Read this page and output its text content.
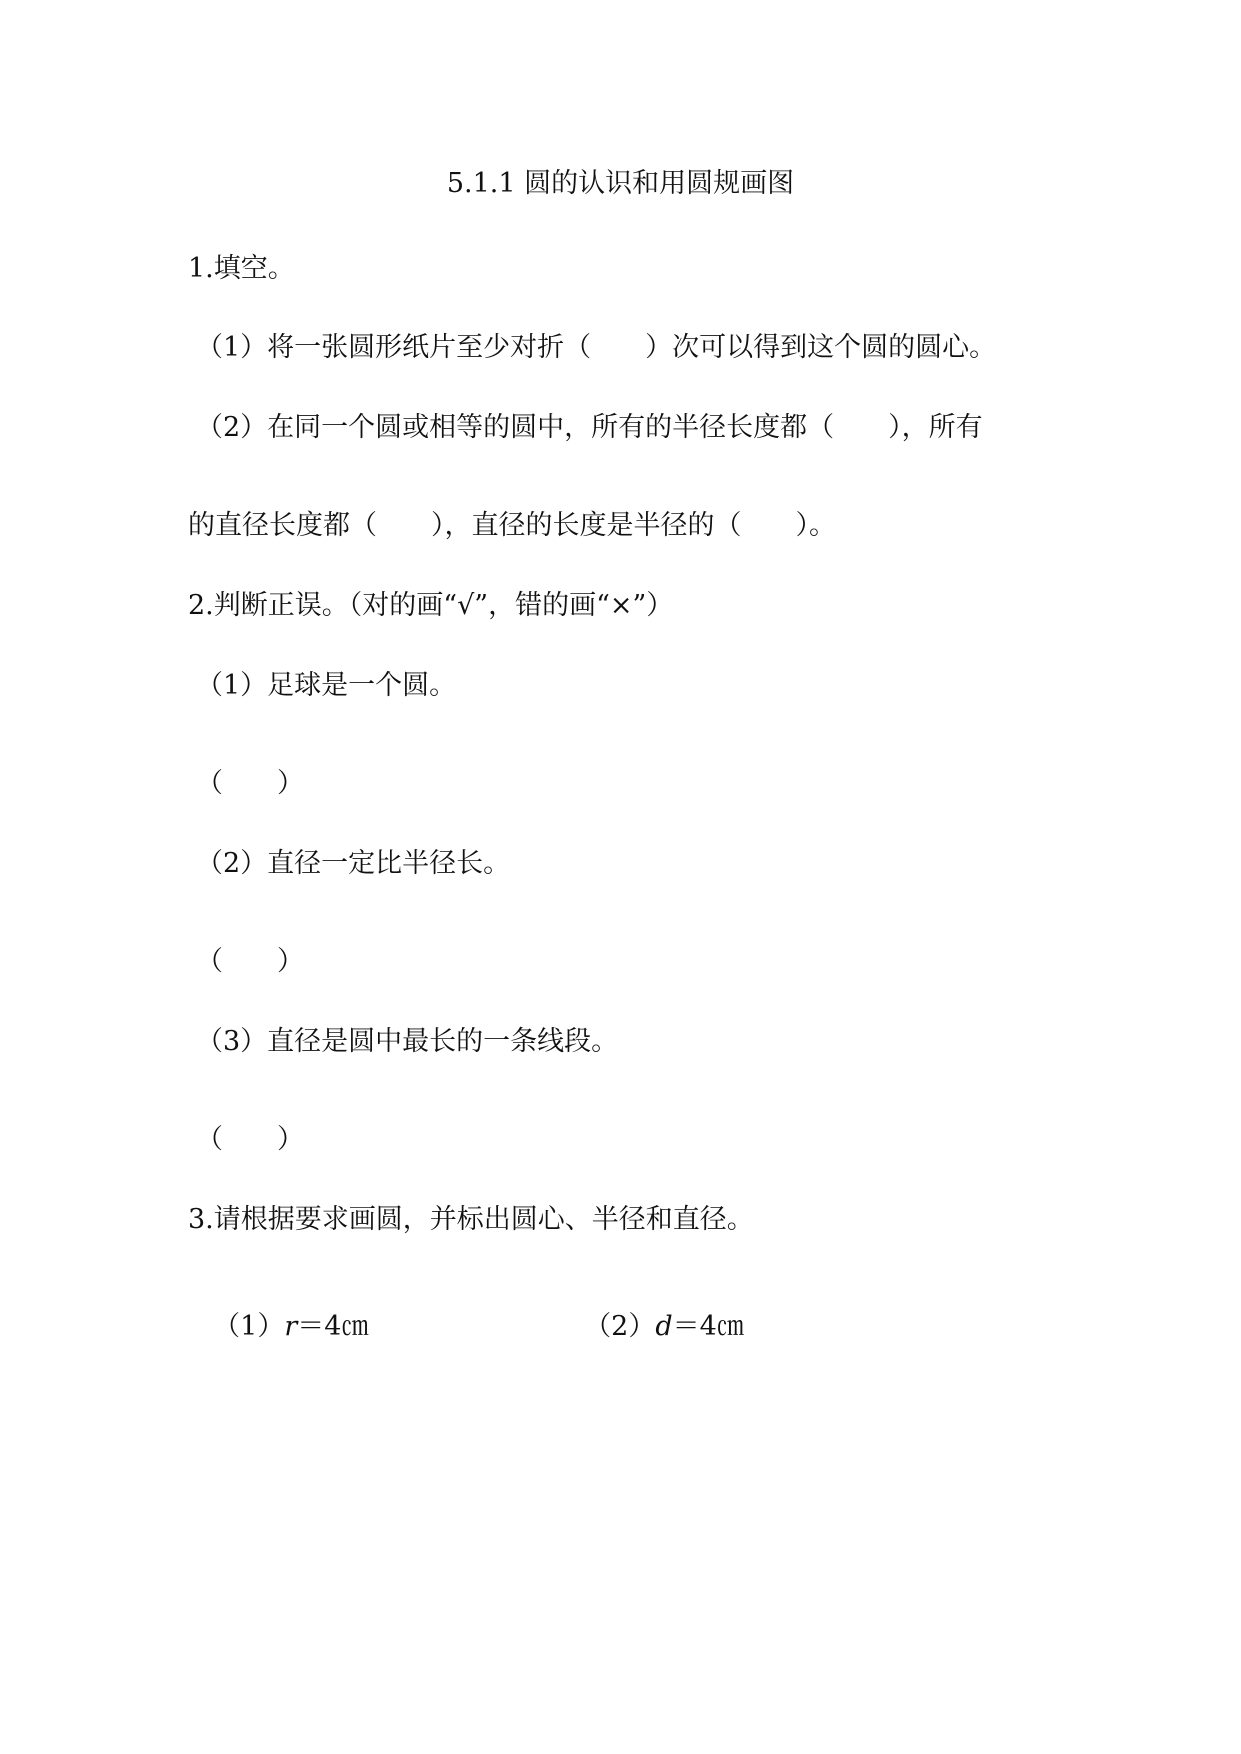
5.1.1 圆的认识和用圆规画图
1.填空。
（1）将一张圆形纸片至少对折（　　）次可以得到这个圆的圆心。
（2）在同一个圆或相等的圆中，所有的半径长度都（　　），所有
的直径长度都（　　），直径的长度是半径的（　　）。
2.判断正误。（对的画“√”，错的画“×”）
（1）足球是一个圆。
（　　）
（2）直径一定比半径长。
（　　）
（3）直径是圆中最长的一条线段。
（　　）
3.请根据要求画圆，并标出圆心、半径和直径。

（1）r＝4㎝	（2）d＝4㎝
